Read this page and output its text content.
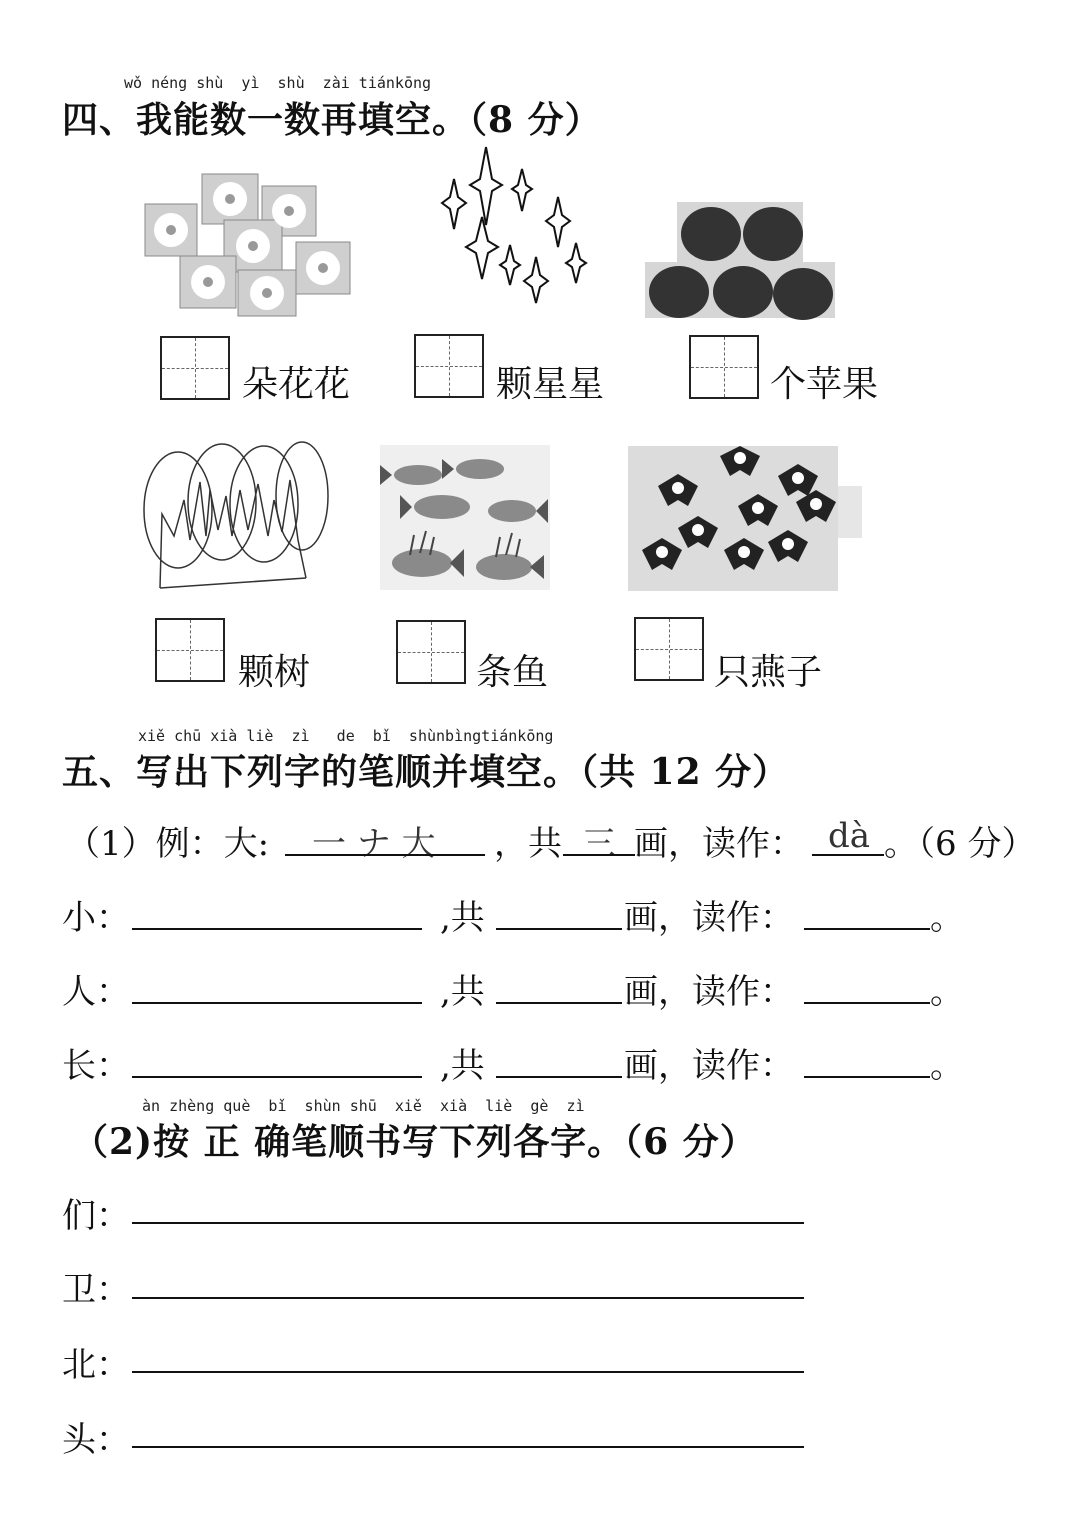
wǒ néng shù  yì  shù  zài tiánkōng
四、我能数一数再填空。（8 分）
朵花花	颗星星	个苹果
颗树	条鱼	只燕子
xiě chū xià liè  zì   de  bǐ  shùnbìngtiánkōng
五、写出下列字的笔顺并填空。（共 12 分）
（1）例：大: 一 ナ 大 ，共 三 画，读作： dà 。（6 分）
小：	,共	画，读作：	。
人：	,共	画，读作：	。
长：	,共	画，读作：	。
àn zhèng què  bǐ  shùn shū  xiě  xià  liè  gè  zì
（2)按 正 确笔顺书写下列各字。（6 分）
们：
卫：
北：
头：
